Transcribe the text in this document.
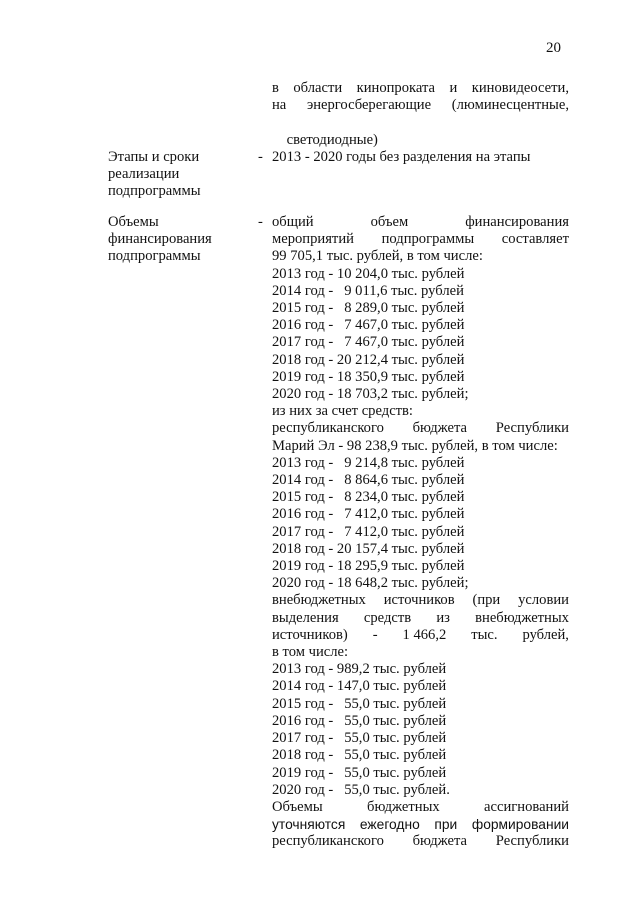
20
в области кинопроката и киновидеосети,
на энергосберегающие (люминесцентные,

светодиодные)

Этапы и сроки
реализации
подпрограммы
- 2013 - 2020 годы без разделения на этапы
Объемы
финансирования
подпрограммы
- общий	объем	финансирования
мероприятий подпрограммы составляет
99 705,1 тыс. рублей, в том числе:
2013 год - 10 204,0 тыс. рублей
2014 год -   9 011,6 тыс. рублей
2015 год -   8 289,0 тыс. рублей
2016 год -   7 467,0 тыс. рублей
2017 год -   7 467,0 тыс. рублей
2018 год - 20 212,4 тыс. рублей
2019 год - 18 350,9 тыс. рублей
2020 год - 18 703,2 тыс. рублей;
из них за счет средств:
республиканского бюджета Республики
Марий Эл - 98 238,9 тыс. рублей, в том числе:
2013 год -   9 214,8 тыс. рублей
2014 год -   8 864,6 тыс. рублей
2015 год -   8 234,0 тыс. рублей
2016 год -   7 412,0 тыс. рублей
2017 год -   7 412,0 тыс. рублей
2018 год - 20 157,4 тыс. рублей
2019 год - 18 295,9 тыс. рублей
2020 год - 18 648,2 тыс. рублей;
внебюджетных источников (при условии
выделения средств из внебюджетных
источников) - 1 466,2 тыс. рублей,
в том числе:
2013 год - 989,2 тыс. рублей
2014 год - 147,0 тыс. рублей
2015 год -   55,0 тыс. рублей
2016 год -   55,0 тыс. рублей
2017 год -   55,0 тыс. рублей
2018 год -   55,0 тыс. рублей
2019 год -   55,0 тыс. рублей
2020 год -   55,0 тыс. рублей.
Объемы	бюджетных	ассигнований
уточняются ежегодно при формировании
республиканского бюджета Республики
